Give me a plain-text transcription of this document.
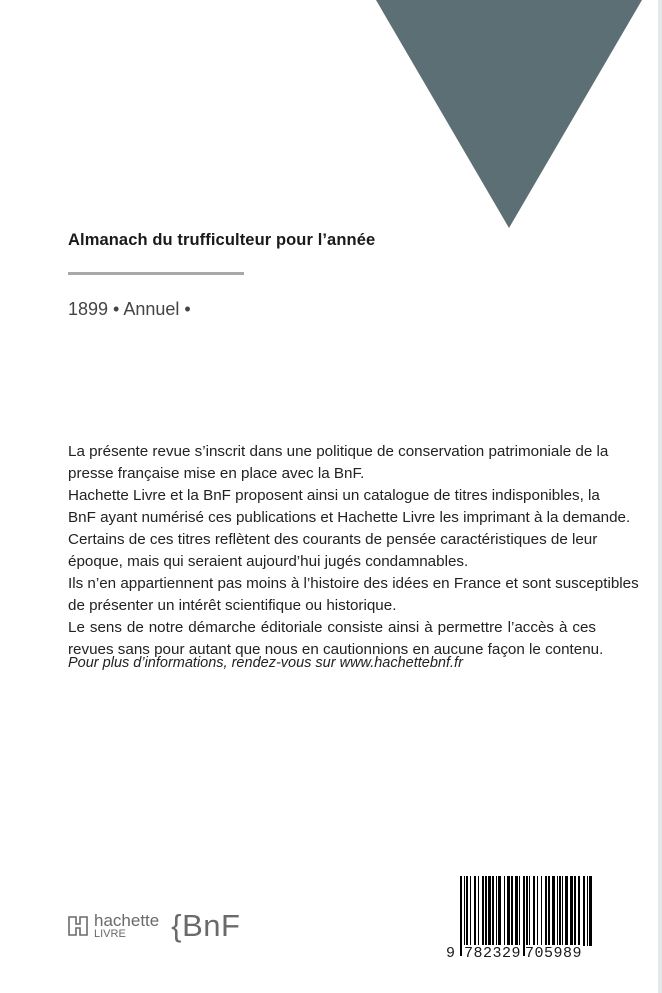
Almanach du trufficulteur pour l’année
1899 • Annuel •
La présente revue s’inscrit dans une politique de conservation patrimoniale de la
presse française mise en place avec la BnF.
Hachette Livre et la BnF proposent ainsi un catalogue de titres indisponibles, la
BnF ayant numérisé ces publications et Hachette Livre les imprimant à la demande.
Certains de ces titres reflètent des courants de pensée caractéristiques de leur
époque, mais qui seraient aujourd’hui jugés condamnables.
Ils n’en appartiennent pas moins à l’histoire des idées en France et sont susceptibles
de présenter un intérêt scientifique ou historique.
Le sens de notre démarche éditoriale consiste ainsi à permettre l’accès à ces
revues sans pour autant que nous en cautionnions en aucune façon le contenu.
Pour plus d’informations, rendez-vous sur www.hachettebnf.fr
hachette
LIVRE	{BnF
9 782329 705989
